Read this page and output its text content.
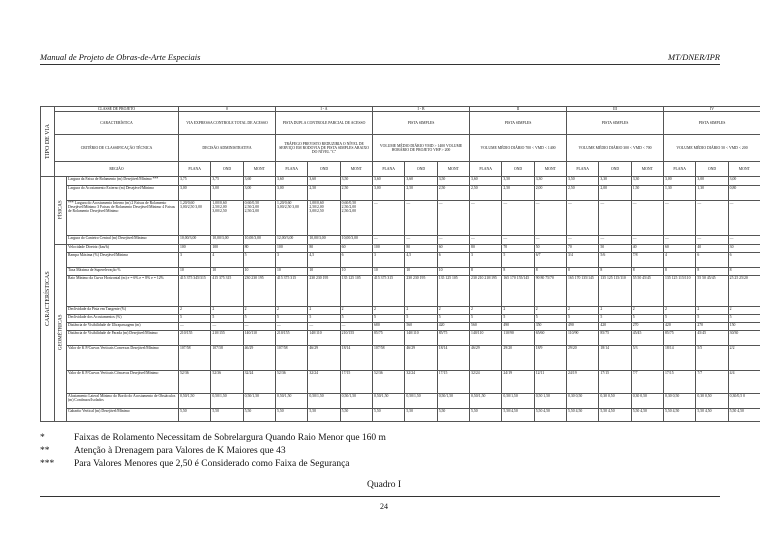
Manual de Projeto de Obras-de-Arte Especiais	MT/DNER/IPR
TIPO DE VIA	CLASSE DE PROJETO		0			I - A			I - B			II			III			IV		
	CARACTERÍSTICA		VIA EXPRESSA CONTROLE TOTAL DE ACESSO			PISTA DUPLA CONTROLE PARCIAL DE ACESSO			PISTA SIMPLES			PISTA SIMPLES			PISTA SIMPLES			PISTA SIMPLES		
	CRITÉRIO DE CLASSIFICAÇÃO TÉCNICA		DECISÃO ADMINISTRATIVA			TRÁFEGO PREVISTO REDUZIRIA O NÍVEL DE SERVIÇO EM RODOVIA DE PISTA SIMPLES ABAIXO DO NÍVEL "C"			VOLUME MÉDIO DIÁRIO VMD > 1400 VOLUME HORÁRIO DE PROJETO VHP > 200			VOLUME MÉDIO DIÁRIO 700 < VMD < 1400			VOLUME MÉDIO DIÁRIO 300 < VMD < 700			VOLUME MÉDIO DIÁRIO 50 < VMD < 200		
	REGIÃO		PLANA	OND	MONT	PLANA	OND	MONT	PLANA	OND	MONT	PLANA	OND	MONT	PLANA	OND	MONT	PLANA	OND	MONT
CARACTERÍSTICAS	FÍSICAS	Largura da Faixa de Rolamento (m) Desejável/Mínimo ***	3,75	3,75	3,60	3,60	3,60	3,50	3,60	3,60	3,50	3,60	3,50	3,30	3,50	3,30	3,30	3,00	3,00	3,00
		Largura do Acostamento Externo (m) Desejável/Mínimo	3,00	3,00	3,00	3,00	2,50	2,50	3,00	2,50	2,50	2,50	2,50	2,00	2,50	2,00	1,50	1,30	1,30	0,80
		*** Largura do Acostamento Interno (m) 2 Faixas de Rolamento Desejável/Mínimo 3 Faixas de Rolamento Desejável/Mínimo 4 Faixas de Rolamento Desejável/Mínimo	1,20/0,60 3,00/2,50 3,00	1,00/0,60 2,50/2,00 3,00/2,50	0,60/0,50 2,50/2,00 2,50/2,00	1,20/0,60 3,00/2,50 3,00	1,00/0,60 2,50/2,00 3,00/2,50	0,60/0,50 2,50/2,00 2,50/2,00	—	—	—	—	—	—	—	—	—	—	—	—
		Largura do Canteiro Central (m) Desejável/Mínimo	10,00/3,00	10,00/3,00	10,00/3,00	12,00/3,00	10,00/3,00	10,00/3,00	—	—	—	—	—	—	—	—	—	—	—	—
	GEOMÉTRICAS	Velocidade Diretriz (km/h)	100	100	80	100	80	60	100	80	60	80	70	50	70	50	40	60	40	30
		Rampa Máxima (%) Desejável/Mínimo	3	4	5	3	4,5	6	3	4,5	6	3	5	6/7	3/4	5/6	7/8	4	6	6
		Taxa Máxima de Superelevação %	10	10	10	10	10	10	10	10	10	8	8	8	8	8	8	8	8	8
		Raio Mínimo da Curva Horizontal (m) e = 6% e = 8% e = 12%	415 375 345/315	415 375 315	230 230 195	415 375 315	230 230 195	135 125 105	415 375 315	230 230 195	135 125 105	230 210 210/195	165 170 155/145	90 80 75/70	165 170 135/145	135 125 115/110	55 50 45/45	135 125 115/110	55 50 45/45	25 25 25/20
		Declividade da Pista em Tangente (%)	2	2	2	2	2	2	2	2	2	2	2	2	2	2	2	2	2	2
		Declividade dos Acostamentos (%)	5	5	5	5	5	5	5	5	5	5	5	5	5	5	5	5	5	5
		Distância de Visibilidade de Ultrapassagem (m)	—	—	—	—	—	—	680	560	420	560	490	350	490	420	270	420	270	150
		Distância de Visibilidade de Parada (m) Desejável/Mínimo	210/155	210/155	140/110	210/155	140/110	210/155	85/75	140/110	85/75	140/110	110/90	65/60	110/90	85/75	45/45	85/75	45/45	30/30
		Valor de K P/Curvas Verticais Convexas Desejável/Mínimo	107/58	107/58	46/29	107/58	46/29	18/14	107/58	46/29	18/14	46/29	29/20	18/9	29/20	18/14	5/3	18/14	5/5	2/2
		Valor de K P/Curvas Verticais Côncavas Desejável/Mínimo	52/36	52/36	32/24	52/36	32/24	17/15	52/36	32/24	17/15	32/24	24/19	12/11	24/19	17/15	7/7	17/15	7/7	4/4
		Afastamento Lateral Mínimo do Bordo do Acostamento de Obstáculos (m) Contínuos/Isolados	0,50/1,50	0,50/1,50	0,50/1,50	0,50/1,50	0,50/1,50	0,50/1,50	0,50/1,50	0,50/1,50	0,50/1,50	0,50/1,50	0,50/1,50	0,50 1,50	0,30 0,50	0,30 0,50	0,30 0,50	0,30 0,50	0,30 0,50	0,30/0,5 0
		Gabarito Vertical (m) Desejável/Mínimo	5,50	5,50	5,50	5,50	5,50	5,50	5,50	5,50	5,50	5,50	5,50/4,50	5,50 4,50	5,50 4,50	5,50 4,50	5,50 4,50	5,50 4,50	5,50 4,50	5,50 4,50
*	Faixas de Rolamento Necessitam de Sobrelargura Quando Raio Menor que 160 m
**	Atenção à Drenagem para Valores de K Maiores que 43
*** Para Valores Menores que 2,50 é Considerado como Faixa de Segurança
Quadro I
24
